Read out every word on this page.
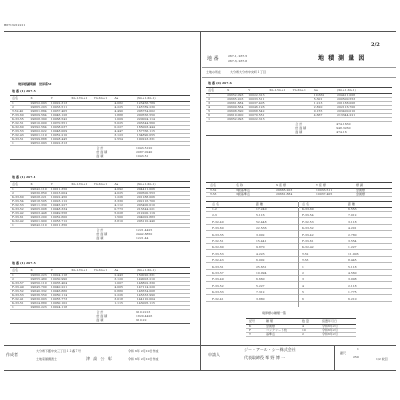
B6713212211
2/2
地 番	267-1, 267-5
267-3, 267-6	地 積 測 量 図
土地の所在	大分県大分市中央町１丁目
境界標識明細　世界系Ⅵ
地 番 (1) 267-5
点名	X	Y	Xn-1-Yn+1 Yn-Xn+1 Δa	(Xn+1-Xn-1)
1	29652.093 10022.313	4.082	123456.789
2	29665.203 10033.511	4.225	145789.230
T-32-40 29661.884 10037.405	4.490	206754.002
F-33-60 29609.564 10046.126	1.888	200556.550
K-33-55 29608.390 10068.542	1.009	220004.114
F-32-51 29610.000 10070.551	5.025	203344.560
K-32-60 29592.564 10038.037	0.227	165003.444
F-33-53 29602.022 10048.009	4.447	157766.115
F-32-43 29601.119 10052.210	3.123	134890.055
K-33-51 29599.888 10028.445	2.554	100223.331
1	29652.093 10022.313
合 計	1043.5120
倍 面 積	2087.0240
面 積	1043.51
地 番 (1) 267-1
点名	X	Y	Xn-1-Yn+1 Yn-Xn+1 Δa	(Xn+1-Xn-1)
1	29642.110 10011.350	4.092	204411.006
2	29630.850 10013.004	4.025	200500.553
K-33-60 29628.221 10022.450	1.226	201188.006
F-33-54 29618.505 10023.112	3.330	202116.700
F-32-53 29611.330 10045.227	4.112	203400.010
K-33-52 29605.008 10048.334	0.773	213344.221
F-33-42 29603.448 10049.556	5.028	212200.119
F-33-61 29603.200 10052.600	1.500	204002.883
K-32-42 29601.900 10053.712	3.810	206110.440
1	29642.110 10011.350
合 計	1221.4425
倍 面 積	2442.8850
面 積	1221.44
地 番 (1) 267-5
点名	X	Y	Xn-1-Yn+1 Yn-Xn+1 Δa	(Xn+1-Xn-1)
1	29660.223 10024.118	2.443	150020.331
2	29655.480 10030.990	3.120	149003.210
K-33-57 29650.110 10035.404	1.007	148802.330
F-33-49 29645.700 10040.221	4.005	147114.220
F-33-52 29640.332 10046.880	0.880	146554.008
K-33-53 29636.550 10050.114	2.226	145333.990
F-32-41 29630.003 10055.773	3.018	144110.004
K-33-51 29624.880 10060.102	1.115	143005.115
1	29660.223 10024.118
合 計	910.2213
倍 面 積	1820.4426
面 積	910.22
地 番 (0) 267-6
点名	X	Y	Xn-1-Yn+1 Yn-Xn+1	Δa	(Xn+1-Xn-1)
1	29652.093 10022.313	10.662	204411.006
2	29665.203 10033.511	5.301	200500.553
3	29661.884 10037.405	1.213	201188.006
4	29609.564 10046.126	2.820	202116.700
5	29608.390 10068.542	0.155	203400.010
6	29610.000 10070.551	4.667	213344.221
1	29652.093 10022.313
合 計	474.1630
倍 面 積	948.3260
面 積	474.16
点名	名 称	X 座 標	Y 座 標	標 識
T-32	3級基準点	29665.203	10033.511	金属標
T-33	3級基準点	29661.884	10037.405	金属標
点 名	距 離	点 名	距 離
1-2	17.240	K-33-60	6.553
2-3	5.116	F-33-54	7.012
F-32-40	52.448	F-32-53	3.118
F-33-60	22.536	K-33-52	4.201
K-33-55	3.002	F-33-42	2.780
F-32-51	15.441	F-33-61	3.554
K-32-60	9.870	K-32-42	1.227
F-33-53	4.223	T-32	11.006
F-32-43	6.002	T-33	8.445
K-33-51	25.631	1	5.118
K-33-57	10.094	2	4.560
F-33-49	6.660	3	3.008
F-33-52	5.227	4	2.118
K-33-53	7.312	5	1.775
F-32-41	3.880	6	6.210
境界標の種類一覧
記号	種 類	数 量	設置年月日
K	金属標	4	令和6年2月
F	コンクリート杭	10	令和6年2月
T	基準点	2	令和6年2月
作成者
大分県下郡中央三丁目１２番７号
土地家屋調査士	津 高 公 彰
令和 6年 2月10日作成
令和 6年 2月10日作成
申請人
ジー・アール・シー株式会社
代表取締役 峯 野 博 一
縮尺
1
250	1/2 枚目
